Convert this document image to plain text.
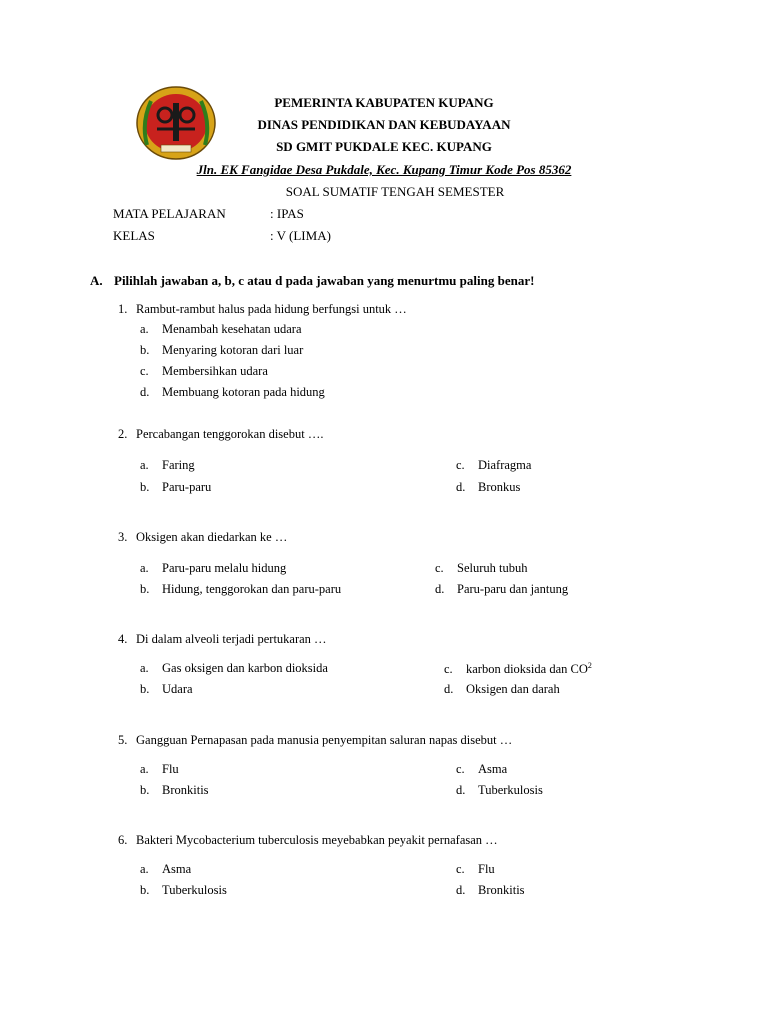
PEMERINTA KABUPATEN KUPANG
DINAS PENDIDIKAN DAN KEBUDAYAAN
SD GMIT PUKDALE KEC. KUPANG
Jln. EK Fangidae Desa Pukdale, Kec. Kupang Timur Kode Pos 85362
SOAL SUMATIF TENGAH SEMESTER
MATA PELAJARAN	: IPAS
KELAS	: V (LIMA)
A. Pilihlah jawaban a, b, c atau d pada jawaban yang menurtmu paling benar!
1. Rambut-rambut halus pada hidung berfungsi untuk …
a. Menambah kesehatan udara
b. Menyaring kotoran dari luar
c. Membersihkan udara
d. Membuang kotoran pada hidung
2. Percabangan tenggorokan disebut ….
a. Faring
b. Paru-paru
c. Diafragma
d. Bronkus
3. Oksigen akan diedarkan ke …
a. Paru-paru melalu hidung
b. Hidung, tenggorokan dan paru-paru
c. Seluruh tubuh
d. Paru-paru dan jantung
4. Di dalam alveoli terjadi pertukaran …
a. Gas oksigen dan karbon dioksida
b. Udara
c. karbon dioksida dan $CO^2$
d. Oksigen dan darah
5. Gangguan Pernapasan pada manusia penyempitan saluran napas disebut …
a. Flu
b. Bronkitis
c. Asma
d. Tuberkulosis
6. Bakteri Mycobacterium tuberculosis meyebabkan peyakit pernafasan …
a. Asma
b. Tuberkulosis
c. Flu
d. Bronkitis
